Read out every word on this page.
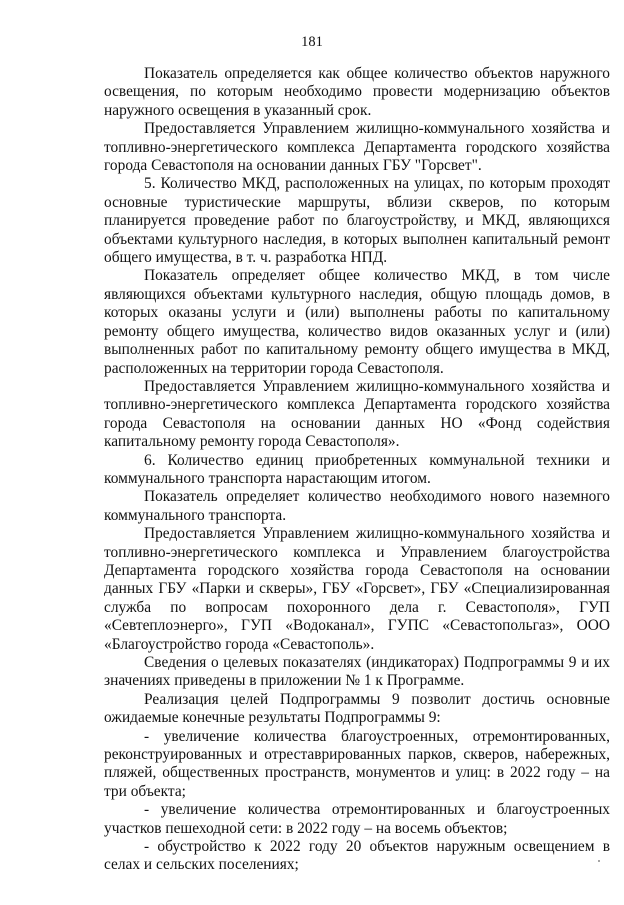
181

Показатель определяется как общее количество объектов наружного освещения, по которым необходимо провести модернизацию объектов наружного освещения в указанный срок.

Предоставляется Управлением жилищно-коммунального хозяйства и топливно-энергетического комплекса Департамента городского хозяйства города Севастополя на основании данных ГБУ "Горсвет".

5. Количество МКД, расположенных на улицах, по которым проходят основные туристические маршруты, вблизи скверов, по которым планируется проведение работ по благоустройству, и МКД, являющихся объектами культурного наследия, в которых выполнен капитальный ремонт общего имущества, в т. ч. разработка НПД.

Показатель определяет общее количество МКД, в том числе являющихся объектами культурного наследия, общую площадь домов, в которых оказаны услуги и (или) выполнены работы по капитальному ремонту общего имущества, количество видов оказанных услуг и (или) выполненных работ по капитальному ремонту общего имущества в МКД, расположенных на территории города Севастополя.

Предоставляется Управлением жилищно-коммунального хозяйства и топливно-энергетического комплекса Департамента городского хозяйства города Севастополя на основании данных НО «Фонд содействия капитальному ремонту города Севастополя».

6. Количество единиц приобретенных коммунальной техники и коммунального транспорта нарастающим итогом.

Показатель определяет количество необходимого нового наземного коммунального транспорта.

Предоставляется Управлением жилищно-коммунального хозяйства и топливно-энергетического комплекса и Управлением благоустройства Департамента городского хозяйства города Севастополя на основании данных ГБУ «Парки и скверы», ГБУ «Горсвет», ГБУ «Специализированная служба по вопросам похоронного дела г. Севастополя», ГУП «Севтеплоэнерго», ГУП «Водоканал», ГУПС «Севастопольгаз», ООО «Благоустройство города «Севастополь».

Сведения о целевых показателях (индикаторах) Подпрограммы 9 и их значениях приведены в приложении № 1 к Программе.

Реализация целей Подпрограммы 9 позволит достичь основные ожидаемые конечные результаты Подпрограммы 9:

- увеличение количества благоустроенных, отремонтированных, реконструированных и отреставрированных парков, скверов, набережных, пляжей, общественных пространств, монументов и улиц: в 2022 году – на три объекта;

- увеличение количества отремонтированных и благоустроенных участков пешеходной сети: в 2022 году – на восемь объектов;

- обустройство к 2022 году 20 объектов наружным освещением в селах и сельских поселениях;
